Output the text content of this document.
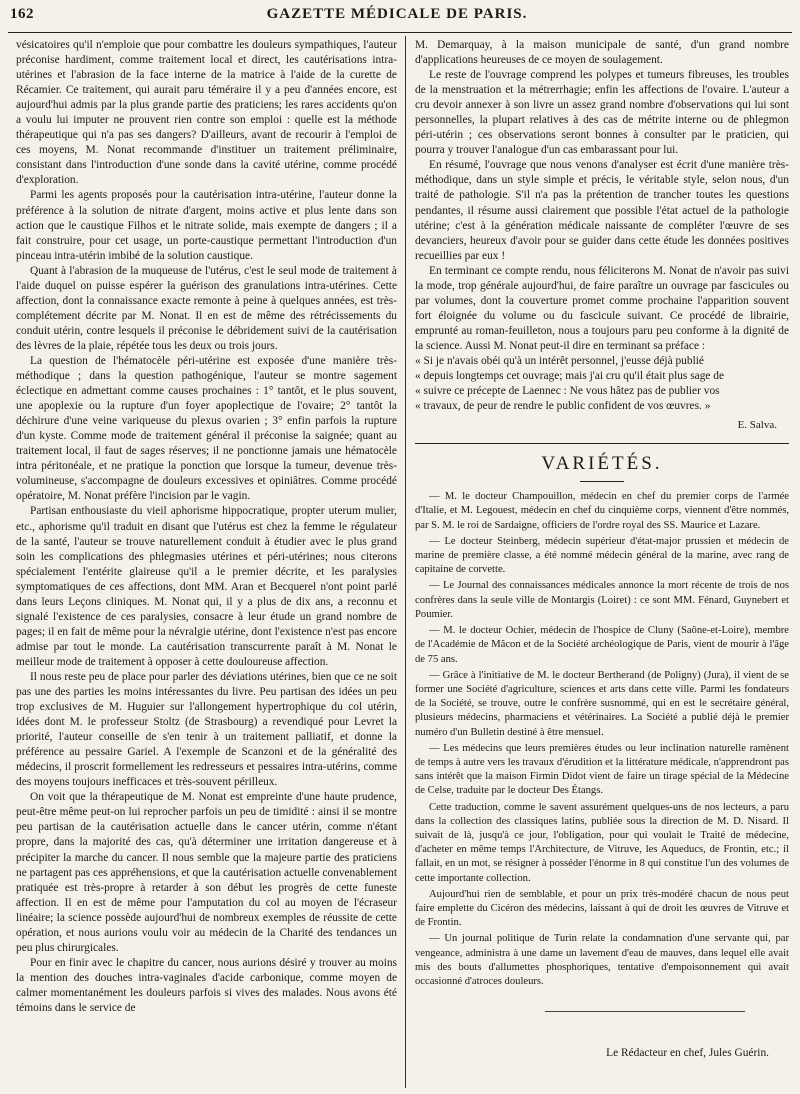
162	GAZETTE MÉDICALE DE PARIS.

vésicatoires qu'il n'emploie que pour combattre les douleurs sympathiques, l'auteur préconise hardiment, comme traitement local et direct, les cautérisations intra-utérines et l'abrasion de la face interne de la matrice à l'aide de la curette de Récamier. Ce traitement, qui aurait paru téméraire il y a peu d'années encore, est aujourd'hui admis par la plus grande partie des praticiens; les rares accidents qu'on a voulu lui imputer ne prouvent rien contre son emploi : quelle est la méthode thérapeutique qui n'a pas ses dangers? D'ailleurs, avant de recourir à l'emploi de ces moyens, M. Nonat recommande d'instituer un traitement préliminaire, consistant dans l'introduction d'une sonde dans la cavité utérine, comme procédé d'exploration.

Parmi les agents proposés pour la cautérisation intra-utérine, l'auteur donne la préférence à la solution de nitrate d'argent, moins active et plus lente dans son action que le caustique Filhos et le nitrate solide, mais exempte de dangers ; il a fait construire, pour cet usage, un porte-caustique permettant l'introduction d'un pinceau intra-utérin imbibé de la solution caustique.

Quant à l'abrasion de la muqueuse de l'utérus, c'est le seul mode de traitement à l'aide duquel on puisse espérer la guérison des granulations intra-utérines. Cette affection, dont la connaissance exacte remonte à peine à quelques années, est très-complétement décrite par M. Nonat. Il en est de même des rétrécissements du conduit utérin, contre lesquels il préconise le débridement suivi de la cautérisation des lèvres de la plaie, répétée tous les deux ou trois jours.

La question de l'hématocèle péri-utérine est exposée d'une manière très-méthodique ; dans la question pathogénique, l'auteur se montre sagement éclectique en admettant comme causes prochaines : 1° tantôt, et le plus souvent, une apoplexie ou la rupture d'un foyer apoplectique de l'ovaire; 2° tantôt la déchirure d'une veine variqueuse du plexus ovarien ; 3° enfin parfois la rupture d'un kyste. Comme mode de traitement général il préconise la saignée; quant au traitement local, il faut de sages réserves; il ne ponctionne jamais une hématocèle intra péritonéale, et ne pratique la ponction que lorsque la tumeur, devenue très-volumineuse, s'accompagne de douleurs excessives et opiniâtres. Comme procédé opératoire, M. Nonat préfère l'incision par le vagin.

Partisan enthousiaste du vieil aphorisme hippocratique, propter uterum mulier, etc., aphorisme qu'il traduit en disant que l'utérus est chez la femme le régulateur de la santé, l'auteur se trouve naturellement conduit à étudier avec le plus grand soin les complications des phlegmasies utérines et péri-utérines; nous citerons spécialement l'entérite glaireuse qu'il a le premier décrite, et les paralysies symptomatiques de ces affections, dont MM. Aran et Becquerel n'ont point parlé dans leurs Leçons cliniques. M. Nonat qui, il y a plus de dix ans, a reconnu et signalé l'existence de ces paralysies, consacre à leur étude un grand nombre de pages; il en fait de même pour la névralgie utérine, dont l'existence n'est pas encore admise par tout le monde. La cautérisation transcurrente paraît à M. Nonat le meilleur mode de traitement à opposer à cette douloureuse affection.

Il nous reste peu de place pour parler des déviations utérines, bien que ce ne soit pas une des parties les moins intéressantes du livre. Peu partisan des idées un peu trop exclusives de M. Huguier sur l'allongement hypertrophique du col utérin, idées dont M. le professeur Stoltz (de Strasbourg) a revendiqué pour Levret la priorité, l'auteur conseille de s'en tenir à un traitement palliatif, et donne la préférence au pessaire Gariel. A l'exemple de Scanzoni et de la généralité des médecins, il proscrit formellement les redresseurs et pessaires intra-utérins, comme des moyens toujours inefficaces et très-souvent périlleux.

On voit que la thérapeutique de M. Nonat est empreinte d'une haute prudence, peut-être même peut-on lui reprocher parfois un peu de timidité : ainsi il se montre peu partisan de la cautérisation actuelle dans le cancer utérin, comme n'étant propre, dans la majorité des cas, qu'à déterminer une irritation dangereuse et à précipiter la marche du cancer. Il nous semble que la majeure partie des praticiens ne partagent pas ces appréhensions, et que la cautérisation actuelle convenablement pratiquée est très-propre à retarder à son début les progrès de cette funeste affection. Il en est de même pour l'amputation du col au moyen de l'écraseur linéaire; la science possède aujourd'hui de nombreux exemples de réussite de cette opération, et nous aurions voulu voir au médecin de la Charité des tendances un peu plus chirurgicales.

Pour en finir avec le chapitre du cancer, nous aurions désiré y trouver au moins la mention des douches intra-vaginales d'acide carbonique, comme moyen de calmer momentanément les douleurs parfois si vives des malades. Nous avons été témoins dans le service de

M. Demarquay, à la maison municipale de santé, d'un grand nombre d'applications heureuses de ce moyen de soulagement.

Le reste de l'ouvrage comprend les polypes et tumeurs fibreuses, les troubles de la menstruation et la métrerrhagie; enfin les affections de l'ovaire. L'auteur a cru devoir annexer à son livre un assez grand nombre d'observations qui lui sont personnelles, la plupart relatives à des cas de métrite interne ou de phlegmon péri-utérin ; ces observations seront bonnes à consulter par le praticien, qui pourra y trouver l'analogue d'un cas embarassant pour lui.

En résumé, l'ouvrage que nous venons d'analyser est écrit d'une manière très-méthodique, dans un style simple et précis, le véritable style, selon nous, d'un traité de pathologie. S'il n'a pas la prétention de trancher toutes les questions pendantes, il résume aussi clairement que possible l'état actuel de la pathologie utérine; c'est à la génération médicale naissante de compléter l'œuvre de ses devanciers, heureux d'avoir pour se guider dans cette étude les données positives recueillies par eux !

En terminant ce compte rendu, nous féliciterons M. Nonat de n'avoir pas suivi la mode, trop générale aujourd'hui, de faire paraître un ouvrage par fascicules ou par volumes, dont la couverture promet comme prochaine l'apparition souvent fort éloignée du volume ou du fascicule suivant. Ce procédé de librairie, emprunté au roman-feuilleton, nous a toujours paru peu conforme à la dignité de la science. Aussi M. Nonat peut-il dire en terminant sa préface :

« Si je n'avais obéi qu'à un intérêt personnel, j'eusse déjà publié

« depuis longtemps cet ouvrage; mais j'ai cru qu'il était plus sage de

« suivre ce précepte de Laennec : Ne vous hâtez pas de publier vos

« travaux, de peur de rendre le public confident de vos œuvres. »

E. Salva.
VARIÉTÉS.

— M. le docteur Champouillon, médecin en chef du premier corps de l'armée d'Italie, et M. Legouest, médecin en chef du cinquième corps, viennent d'être nommés, par S. M. le roi de Sardaigne, officiers de l'ordre royal des SS. Maurice et Lazare.

— Le docteur Steinberg, médecin supérieur d'état-major prussien et médecin de marine de première classe, a été nommé médecin général de la marine, avec rang de capitaine de corvette.

— Le Journal des connaissances médicales annonce la mort récente de trois de nos confrères dans la seule ville de Montargis (Loiret) : ce sont MM. Fénard, Guynebert et Poumier.

— M. le docteur Ochier, médecin de l'hospice de Cluny (Saône-et-Loire), membre de l'Académie de Mâcon et de la Société archéologique de Paris, vient de mourir à l'âge de 75 ans.

— Grâce à l'initiative de M. le docteur Bertherand (de Poligny) (Jura), il vient de se former une Société d'agriculture, sciences et arts dans cette ville. Parmi les fondateurs de la Société, se trouve, outre le confrère susnommé, qui en est le secrétaire général, plusieurs médecins, pharmaciens et vétérinaires. La Société a publié déjà le premier numéro d'un Bulletin destiné à être mensuel.

— Les médecins que leurs premières études ou leur inclination naturelle ramènent de temps à autre vers les travaux d'érudition et la littérature médicale, n'apprendront pas sans intérêt que la maison Firmin Didot vient de faire un tirage spécial de la Médecine de Celse, traduite par le docteur Des Étangs.

Cette traduction, comme le savent assurément quelques-uns de nos lecteurs, a paru dans la collection des classiques latins, publiée sous la direction de M. D. Nisard. Il suivait de là, jusqu'à ce jour, l'obligation, pour qui voulait le Traité de médecine, d'acheter en même temps l'Architecture, de Vitruve, les Aqueducs, de Frontin, etc.; il fallait, en un mot, se résigner à posséder l'énorme in 8 qui constitue l'un des volumes de cette importante collection.

Aujourd'hui rien de semblable, et pour un prix très-modéré chacun de nous peut faire emplette du Cicéron des médecins, laissant à qui de droit les œuvres de Vitruve et de Frontin.

— Un journal politique de Turin relate la condamnation d'une servante qui, par vengeance, administra à une dame un lavement d'eau de mauves, dans lequel elle avait mis des bouts d'allumettes phosphoriques, tentative d'empoisonnement qui avait occasionné d'atroces douleurs.

Le Rédacteur en chef, Jules Guérin.
